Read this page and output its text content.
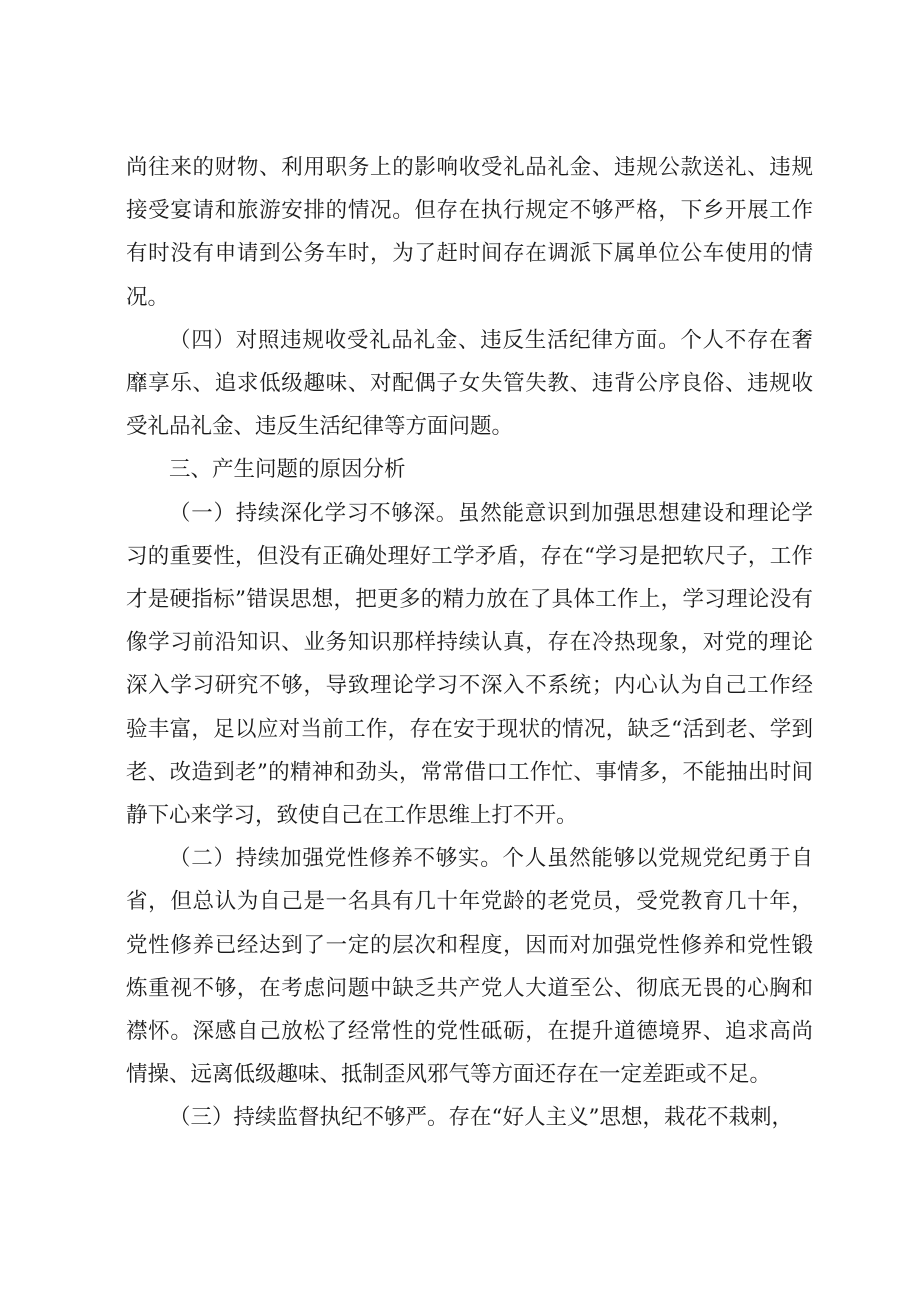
尚往来的财物、利用职务上的影响收受礼品礼金、违规公款送礼、违规接受宴请和旅游安排的情况。但存在执行规定不够严格，下乡开展工作有时没有申请到公务车时，为了赶时间存在调派下属单位公车使用的情况。

（四）对照违规收受礼品礼金、违反生活纪律方面。个人不存在奢靡享乐、追求低级趣味、对配偶子女失管失教、违背公序良俗、违规收受礼品礼金、违反生活纪律等方面问题。

三、产生问题的原因分析

（一）持续深化学习不够深。虽然能意识到加强思想建设和理论学习的重要性，但没有正确处理好工学矛盾，存在“学习是把软尺子，工作才是硬指标”错误思想，把更多的精力放在了具体工作上，学习理论没有像学习前沿知识、业务知识那样持续认真，存在冷热现象，对党的理论深入学习研究不够，导致理论学习不深入不系统；内心认为自己工作经验丰富，足以应对当前工作，存在安于现状的情况，缺乏“活到老、学到老、改造到老”的精神和劲头，常常借口工作忙、事情多，不能抽出时间静下心来学习，致使自己在工作思维上打不开。

（二）持续加强党性修养不够实。个人虽然能够以党规党纪勇于自省，但总认为自己是一名具有几十年党龄的老党员，受党教育几十年，党性修养已经达到了一定的层次和程度，因而对加强党性修养和党性锻炼重视不够，在考虑问题中缺乏共产党人大道至公、彻底无畏的心胸和襟怀。深感自己放松了经常性的党性砥砺，在提升道德境界、追求高尚情操、远离低级趣味、抵制歪风邪气等方面还存在一定差距或不足。

（三）持续监督执纪不够严。存在“好人主义”思想，栽花不栽刺，
